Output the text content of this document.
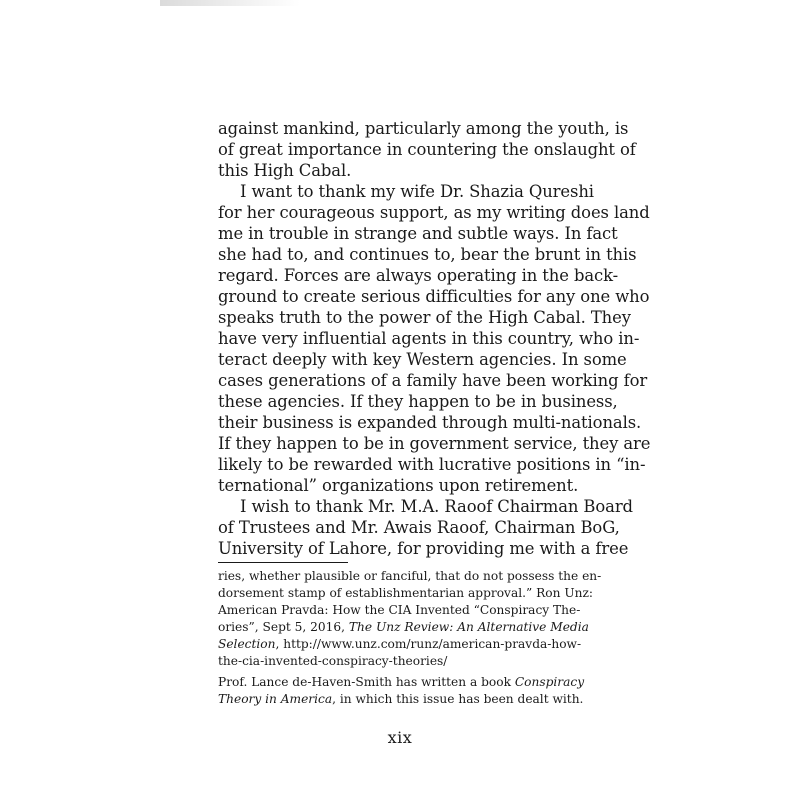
against mankind, particularly among the youth, is
of great importance in countering the onslaught of
this High Cabal.
I want to thank my wife Dr. Shazia Qureshi
for her courageous support, as my writing does land
me in trouble in strange and subtle ways. In fact
she had to, and continues to, bear the brunt in this
regard. Forces are always operating in the back-
ground to create serious difficulties for any one who
speaks truth to the power of the High Cabal. They
have very influential agents in this country, who in-
teract deeply with key Western agencies. In some
cases generations of a family have been working for
these agencies. If they happen to be in business,
their business is expanded through multi-nationals.
If they happen to be in government service, they are
likely to be rewarded with lucrative positions in “in-
ternational” organizations upon retirement.
I wish to thank Mr. M.A. Raoof Chairman Board
of Trustees and Mr. Awais Raoof, Chairman BoG,
University of Lahore, for providing me with a free
ries, whether plausible or fanciful, that do not possess the en-
dorsement stamp of establishmentarian approval.” Ron Unz:
American Pravda: How the CIA Invented “Conspiracy The-
ories”, Sept 5, 2016, The Unz Review: An Alternative Media
Selection, http://www.unz.com/runz/american-pravda-how-
the-cia-invented-conspiracy-theories/
Prof. Lance de-Haven-Smith has written a book Conspiracy
Theory in America, in which this issue has been dealt with.
xix
